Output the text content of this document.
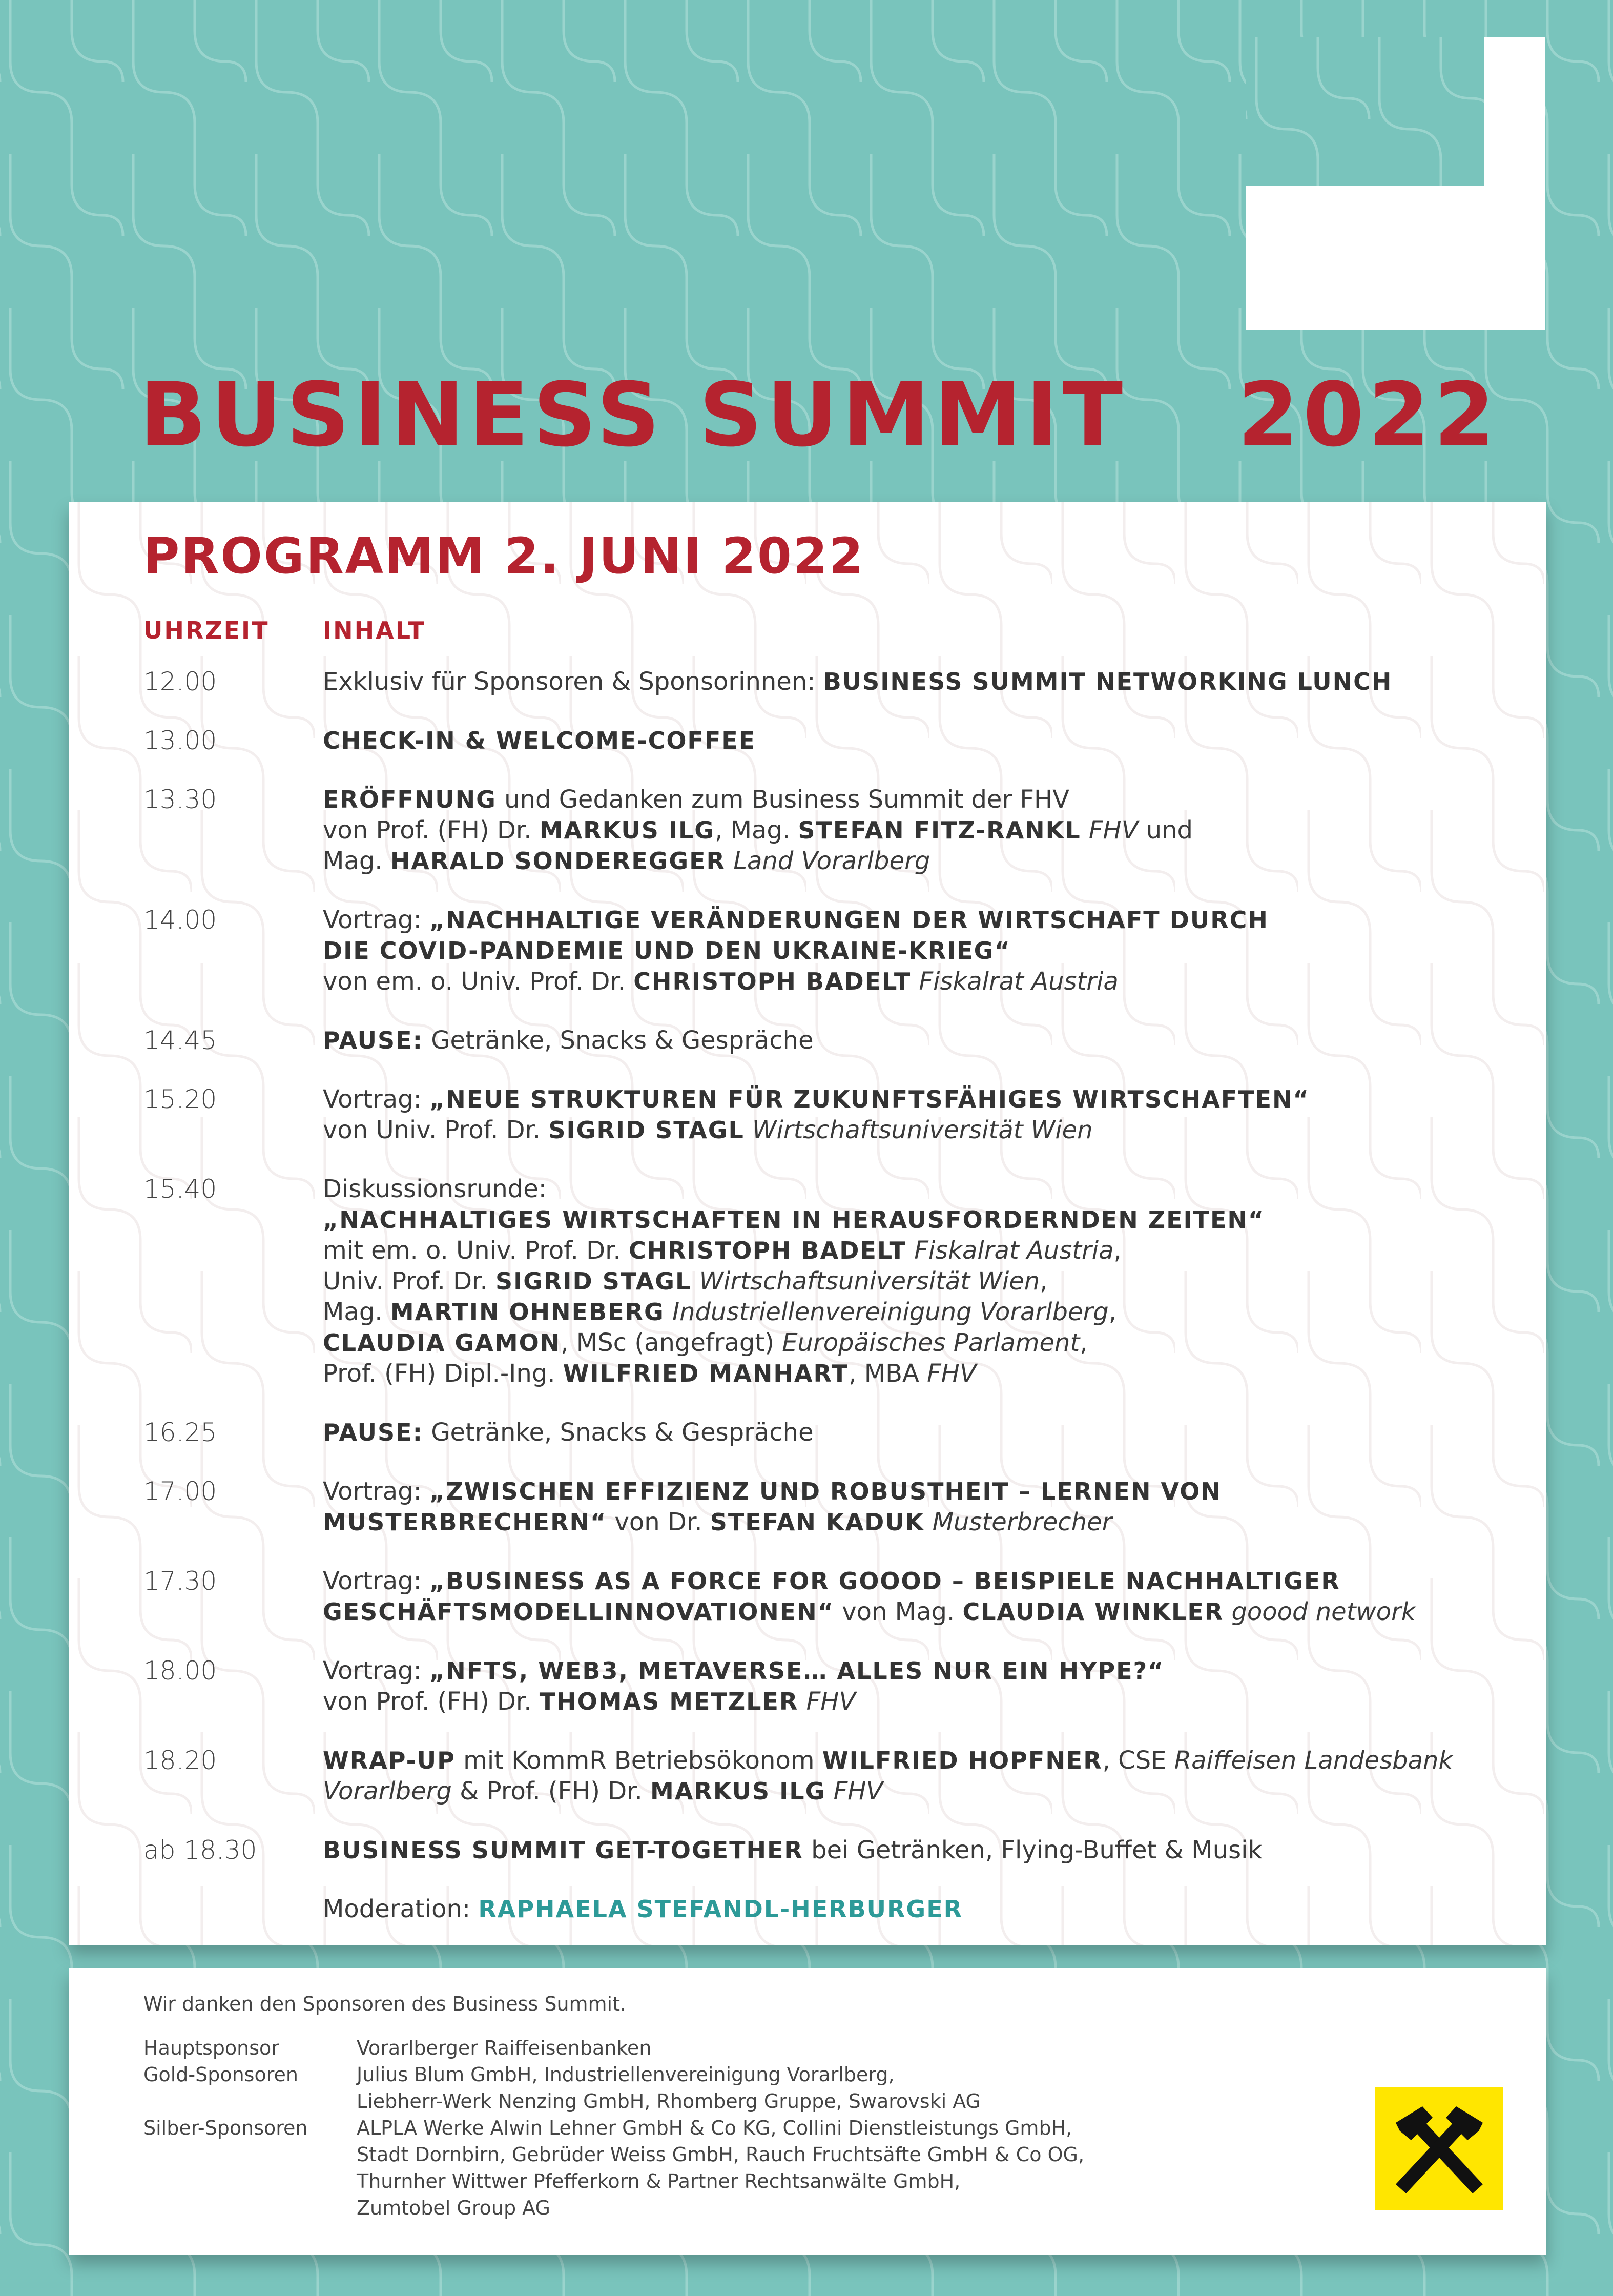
BUSINESS SUMMIT 2022
PROGRAMM 2. JUNI 2022
UHRZEIT INHALT
12.00	Exklusiv für Sponsoren & Sponsorinnen: BUSINESS SUMMIT NETWORKING LUNCH
13.00	CHECK-IN & WELCOME-COFFEE
13.30	ERÖFFNUNG und Gedanken zum Business Summit der FHV
von Prof. (FH) Dr. MARKUS ILG, Mag. STEFAN FITZ-RANKL FHV und
Mag. HARALD SONDEREGGER Land Vorarlberg
14.00	Vortrag: „NACHHALTIGE VERÄNDERUNGEN DER WIRTSCHAFT DURCH
DIE COVID-PANDEMIE UND DEN UKRAINE-KRIEG“
von em. o. Univ. Prof. Dr. CHRISTOPH BADELT Fiskalrat Austria
14.45	PAUSE: Getränke, Snacks & Gespräche
15.20	Vortrag: „NEUE STRUKTUREN FÜR ZUKUNFTSFÄHIGES WIRTSCHAFTEN“
von Univ. Prof. Dr. SIGRID STAGL Wirtschaftsuniversität Wien
15.40	Diskussionsrunde:
„NACHHALTIGES WIRTSCHAFTEN IN HERAUSFORDERNDEN ZEITEN“
mit em. o. Univ. Prof. Dr. CHRISTOPH BADELT Fiskalrat Austria,
Univ. Prof. Dr. SIGRID STAGL Wirtschaftsuniversität Wien,
Mag. MARTIN OHNEBERG Industriellenvereinigung Vorarlberg,
CLAUDIA GAMON, MSc (angefragt) Europäisches Parlament,
Prof. (FH) Dipl.-Ing. WILFRIED MANHART, MBA FHV
16.25	PAUSE: Getränke, Snacks & Gespräche
17.00	Vortrag: „ZWISCHEN EFFIZIENZ UND ROBUSTHEIT – LERNEN VON
MUSTERBRECHERN“ von Dr. STEFAN KADUK Musterbrecher
17.30	Vortrag: „BUSINESS AS A FORCE FOR GOOOD – BEISPIELE NACHHALTIGER
GESCHÄFTSMODELLINNOVATIONEN“ von Mag. CLAUDIA WINKLER goood network
18.00	Vortrag: „NFTS, WEB3, METAVERSE… ALLES NUR EIN HYPE?“
von Prof. (FH) Dr. THOMAS METZLER FHV
18.20	WRAP-UP mit KommR Betriebsökonom WILFRIED HOPFNER, CSE Raiffeisen Landesbank
Vorarlberg & Prof. (FH) Dr. MARKUS ILG FHV
ab 18.30	BUSINESS SUMMIT GET-TOGETHER bei Getränken, Flying-Buffet & Musik
Moderation: RAPHAELA STEFANDL-HERBURGER
Wir danken den Sponsoren des Business Summit.
Hauptsponsor	Vorarlberger Raiffeisenbanken
Gold-Sponsoren	Julius Blum GmbH, Industriellenvereinigung Vorarlberg,
Liebherr-Werk Nenzing GmbH, Rhomberg Gruppe, Swarovski AG
Silber-Sponsoren	ALPLA Werke Alwin Lehner GmbH & Co KG, Collini Dienstleistungs GmbH,
Stadt Dornbirn, Gebrüder Weiss GmbH, Rauch Fruchtsäfte GmbH & Co OG,
Thurnher Wittwer Pfefferkorn & Partner Rechtsanwälte GmbH,
Zumtobel Group AG
